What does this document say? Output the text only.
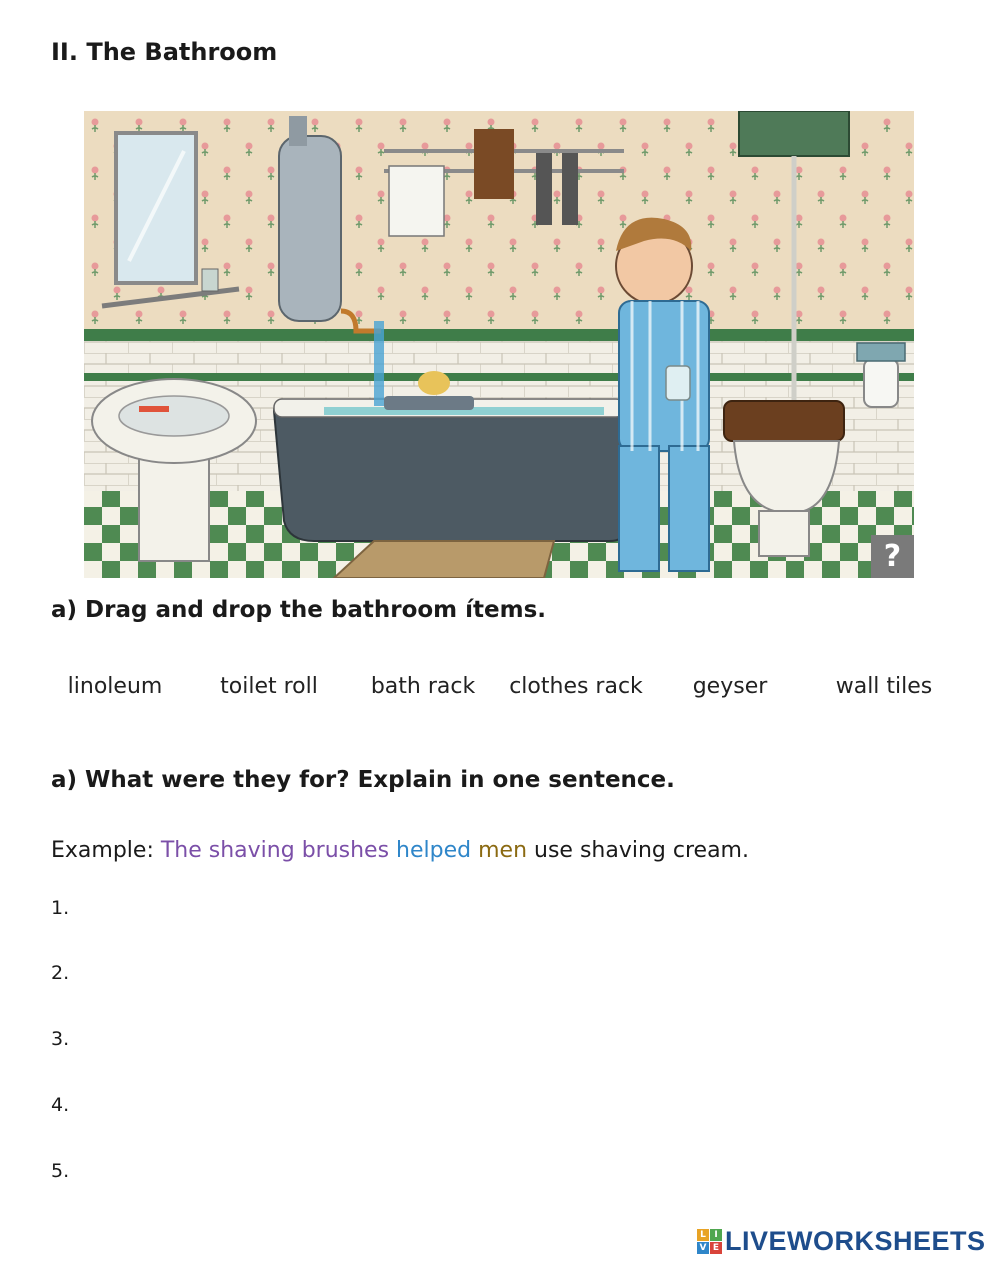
II. The Bathroom
?
a) Drag and drop the bathroom ítems.
linoleum	toilet roll	bath rack	clothes rack	geyser	wall tiles
a) What were they for? Explain in one sentence.
Example: The shaving brushes helped men use shaving cream.
1.
2.
3.
4.
5.
L I
V E LIVEWORKSHEETS
